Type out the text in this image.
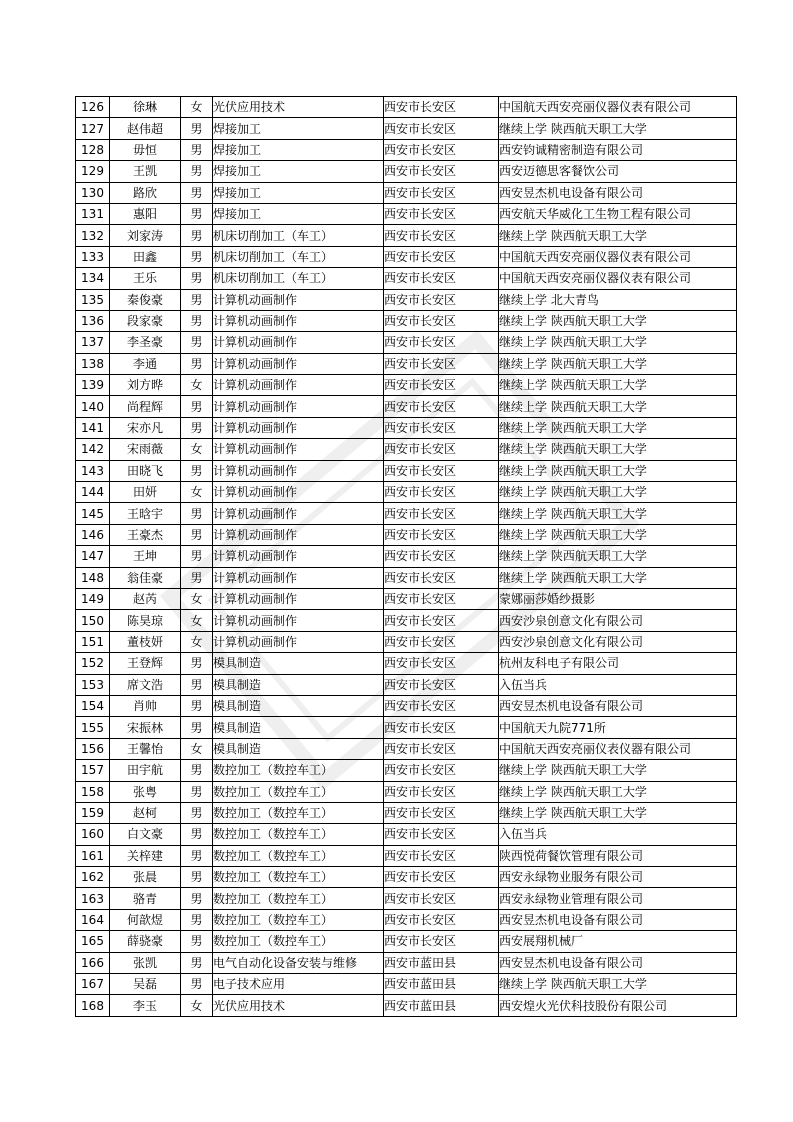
126	徐琳	女	光伏应用技术	西安市长安区	中国航天西安亮丽仪器仪表有限公司
127	赵伟超	男	焊接加工	西安市长安区	继续上学 陕西航天职工大学
128	毋恒	男	焊接加工	西安市长安区	西安钧诚精密制造有限公司
129	王凯	男	焊接加工	西安市长安区	西安迈德思客餐饮公司
130	路欣	男	焊接加工	西安市长安区	西安昱杰机电设备有限公司
131	惠阳	男	焊接加工	西安市长安区	西安航天华威化工生物工程有限公司
132	刘家涛	男	机床切削加工（车工）	西安市长安区	继续上学 陕西航天职工大学
133	田鑫	男	机床切削加工（车工）	西安市长安区	中国航天西安亮丽仪器仪表有限公司
134	王乐	男	机床切削加工（车工）	西安市长安区	中国航天西安亮丽仪器仪表有限公司
135	秦俊豪	男	计算机动画制作	西安市长安区	继续上学 北大青鸟
136	段家豪	男	计算机动画制作	西安市长安区	继续上学 陕西航天职工大学
137	李圣豪	男	计算机动画制作	西安市长安区	继续上学 陕西航天职工大学
138	李通	男	计算机动画制作	西安市长安区	继续上学 陕西航天职工大学
139	刘方晔	女	计算机动画制作	西安市长安区	继续上学 陕西航天职工大学
140	尚程辉	男	计算机动画制作	西安市长安区	继续上学 陕西航天职工大学
141	宋亦凡	男	计算机动画制作	西安市长安区	继续上学 陕西航天职工大学
142	宋雨薇	女	计算机动画制作	西安市长安区	继续上学 陕西航天职工大学
143	田晓飞	男	计算机动画制作	西安市长安区	继续上学 陕西航天职工大学
144	田妍	女	计算机动画制作	西安市长安区	继续上学 陕西航天职工大学
145	王晗宇	男	计算机动画制作	西安市长安区	继续上学 陕西航天职工大学
146	王豪杰	男	计算机动画制作	西安市长安区	继续上学 陕西航天职工大学
147	王坤	男	计算机动画制作	西安市长安区	继续上学 陕西航天职工大学
148	翁佳豪	男	计算机动画制作	西安市长安区	继续上学 陕西航天职工大学
149	赵芮	女	计算机动画制作	西安市长安区	蒙娜丽莎婚纱摄影
150	陈昊琼	女	计算机动画制作	西安市长安区	西安沙泉创意文化有限公司
151	董枝妍	女	计算机动画制作	西安市长安区	西安沙泉创意文化有限公司
152	王登辉	男	模具制造	西安市长安区	杭州友科电子有限公司
153	席文浩	男	模具制造	西安市长安区	入伍当兵
154	肖帅	男	模具制造	西安市长安区	西安昱杰机电设备有限公司
155	宋振林	男	模具制造	西安市长安区	中国航天九院771所
156	王馨怡	女	模具制造	西安市长安区	中国航天西安亮丽仪表仪器有限公司
157	田宇航	男	数控加工（数控车工）	西安市长安区	继续上学 陕西航天职工大学
158	张粤	男	数控加工（数控车工）	西安市长安区	继续上学 陕西航天职工大学
159	赵柯	男	数控加工（数控车工）	西安市长安区	继续上学 陕西航天职工大学
160	白文豪	男	数控加工（数控车工）	西安市长安区	入伍当兵
161	关梓建	男	数控加工（数控车工）	西安市长安区	陕西悦荷餐饮管理有限公司
162	张晨	男	数控加工（数控车工）	西安市长安区	西安永绿物业服务有限公司
163	骆青	男	数控加工（数控车工）	西安市长安区	西安永绿物业管理有限公司
164	何歆煜	男	数控加工（数控车工）	西安市长安区	西安昱杰机电设备有限公司
165	薛骁豪	男	数控加工（数控车工）	西安市长安区	西安展翔机械厂
166	张凯	男	电气自动化设备安装与维修	西安市蓝田县	西安昱杰机电设备有限公司
167	吴磊	男	电子技术应用	西安市蓝田县	继续上学 陕西航天职工大学
168	李玉	女	光伏应用技术	西安市蓝田县	西安煌火光伏科技股份有限公司
